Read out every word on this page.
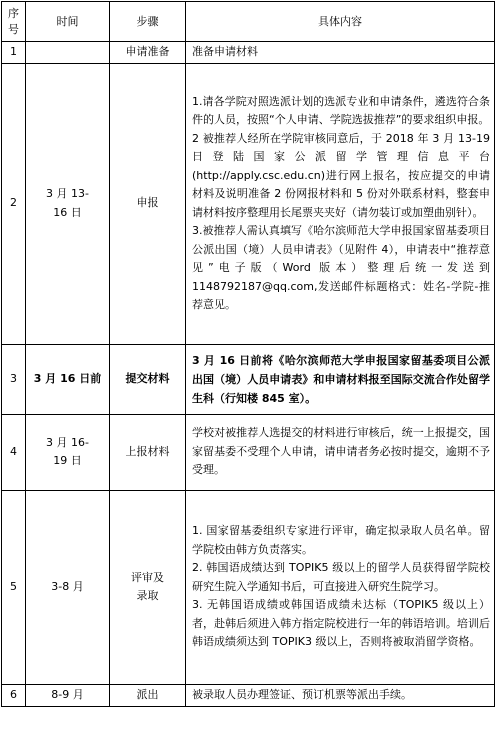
序号	时间	步骤	具体内容
1		申请准备	准备申请材料

2	3 月 13-16 日	申报	1.请各学院对照选派计划的选派专业和申请条件，遴选符合条件的人员，按照“个人申请、学院选拔推荐”的要求组织申报。
2 被推荐人经所在学院审核同意后，于 2018 年 3 月 13-19 日登陆国家公派留学管理信息平台(http://apply.csc.edu.cn)进行网上报名，按应提交的申请材料及说明准备 2 份网报材料和 5 份对外联系材料，整套申请材料按序整理用长尾票夹夹好（请勿装订或加塑曲别针）。
3.被推荐人需认真填写《哈尔滨师范大学申报国家留基委项目公派出国（境）人员申请表》（见附件 4），申请表中“推荐意见”电子版（Word 版本）整理后统一发送到 1148792187@qq.com,发送邮件标题格式：姓名-学院-推荐意见。

3	3 月 16 日前	提交材料	3 月 16 日前将《哈尔滨师范大学申报国家留基委项目公派出国（境）人员申请表》和申请材料报至国际交流合作处留学生科（行知楼 845 室）。

4	3 月 16-19 日	上报材料	学校对被推荐人选提交的材料进行审核后，统一上报提交，国家留基委不受理个人申请，请申请者务必按时提交，逾期不予受理。

5	3-8 月	评审及录取	1. 国家留基委组织专家进行评审，确定拟录取人员名单。留学院校由韩方负责落实。
2. 韩国语成绩达到 TOPIK5 级以上的留学人员获得留学院校研究生院入学通知书后，可直接进入研究生院学习。
3. 无韩国语成绩或韩国语成绩未达标（TOPIK5 级以上）者，赴韩后须进入韩方指定院校进行一年的韩语培训。培训后韩语成绩须达到 TOPIK3 级以上，否则将被取消留学资格。

6	8-9 月	派出	被录取人员办理签证、预订机票等派出手续。
